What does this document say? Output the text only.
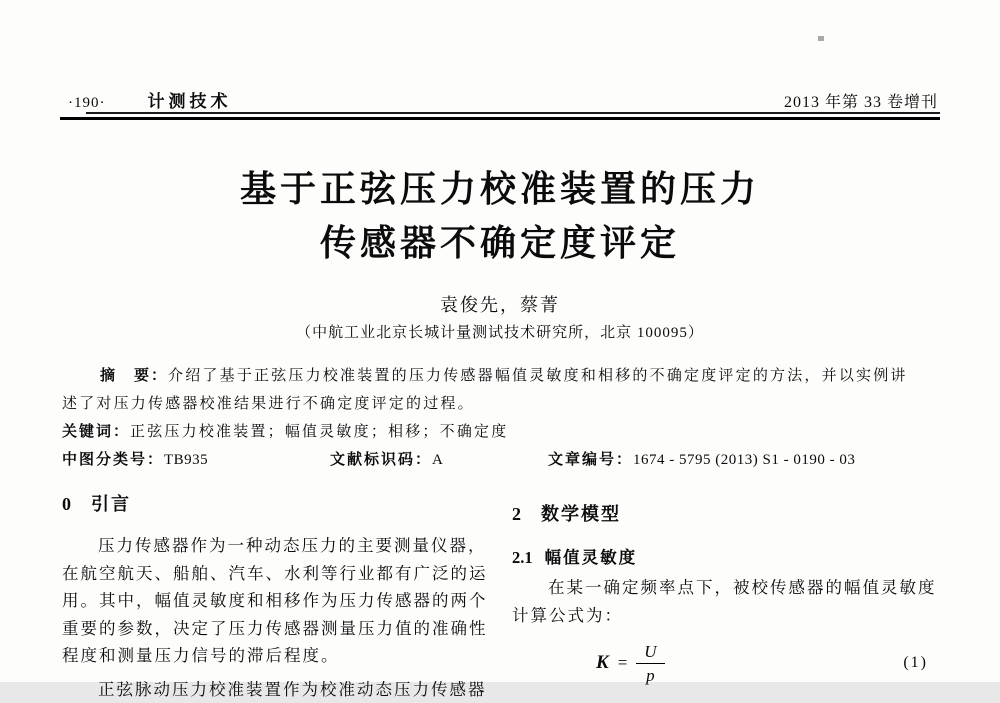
·190· 计测技术	2013 年第 33 卷增刊
基于正弦压力校准装置的压力
传感器不确定度评定
袁俊先，蔡菁
（中航工业北京长城计量测试技术研究所，北京 100095）
摘　要：介绍了基于正弦压力校准装置的压力传感器幅值灵敏度和相移的不确定度评定的方法，并以实例讲
述了对压力传感器校准结果进行不确定度评定的过程。
关键词：正弦压力校准装置；幅值灵敏度；相移；不确定度
中图分类号：TB935	文献标识码：A	文章编号：1674 - 5795 (2013) S1 - 0190 - 03
0 引言
压力传感器作为一种动态压力的主要测量仪器，
在航空航天、船舶、汽车、水利等行业都有广泛的运
用。其中，幅值灵敏度和相移作为压力传感器的两个
重要的参数，决定了压力传感器测量压力值的准确性
程度和测量压力信号的滞后程度。
正弦脉动压力校准装置作为校准动态压力传感器
2 数学模型
2.1 幅值灵敏度
在某一确定频率点下，被校传感器的幅值灵敏度
计算公式为：
$K = \frac{U}{p}$	(1)
